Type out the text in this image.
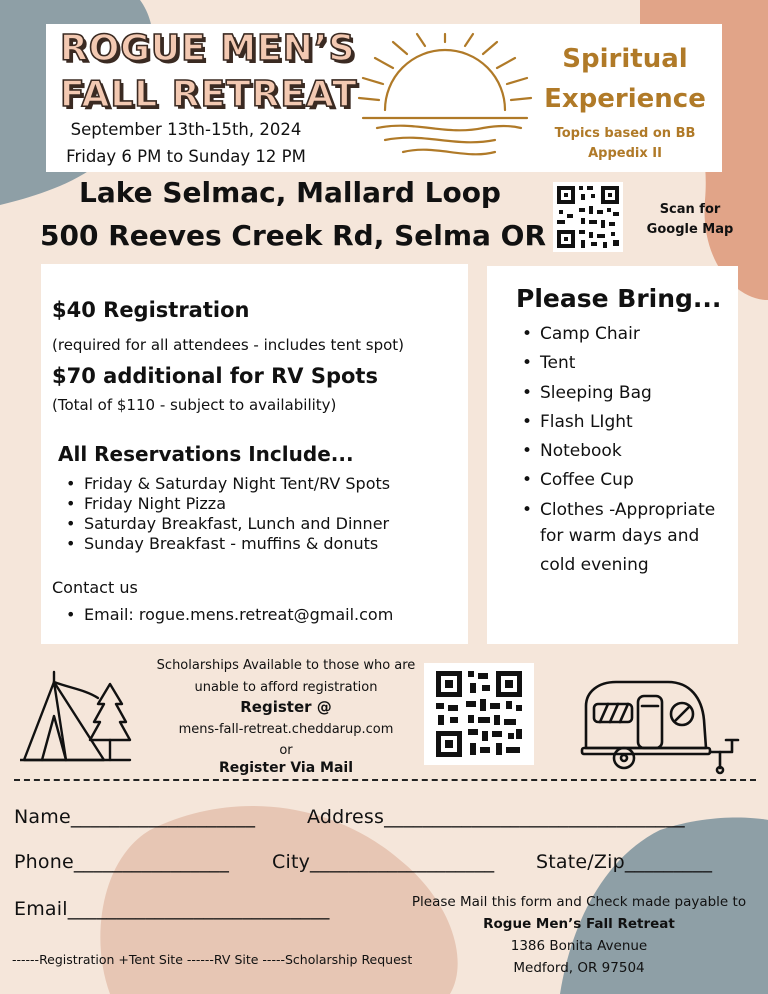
ROGUE MEN’S
FALL RETREAT
September 13th-15th, 2024
Friday 6 PM to Sunday 12 PM
Spiritual
Experience
Topics based on BB
Appedix II
Lake Selmac, Mallard Loop
500 Reeves Creek Rd, Selma OR
Scan for
Google Map
$40 Registration
(required for all attendees - includes tent spot)
$70 additional for RV Spots
(Total of $110 - subject to availability)
All Reservations Include...
• Friday & Saturday Night Tent/RV Spots
• Friday Night Pizza
• Saturday Breakfast, Lunch and Dinner
• Sunday Breakfast - muffins & donuts
Contact us
• Email: rogue.mens.retreat@gmail.com
Please Bring...
• Camp Chair
• Tent
• Sleeping Bag
• Flash LIght
• Notebook
• Coffee Cup
• Clothes -Appropriate
for warm days and
cold evening
Scholarships Available to those who are
unable to afford registration
Register @
mens-fall-retreat.cheddarup.com
or
Register Via Mail
Name___________________	Address_______________________________
Phone________________ City___________________ State/Zip_________
Email___________________________
------Registration +Tent Site ------RV Site -----Scholarship Request
Please Mail this form and Check made payable to
Rogue Men’s Fall Retreat
1386 Bonita Avenue
Medford, OR 97504
